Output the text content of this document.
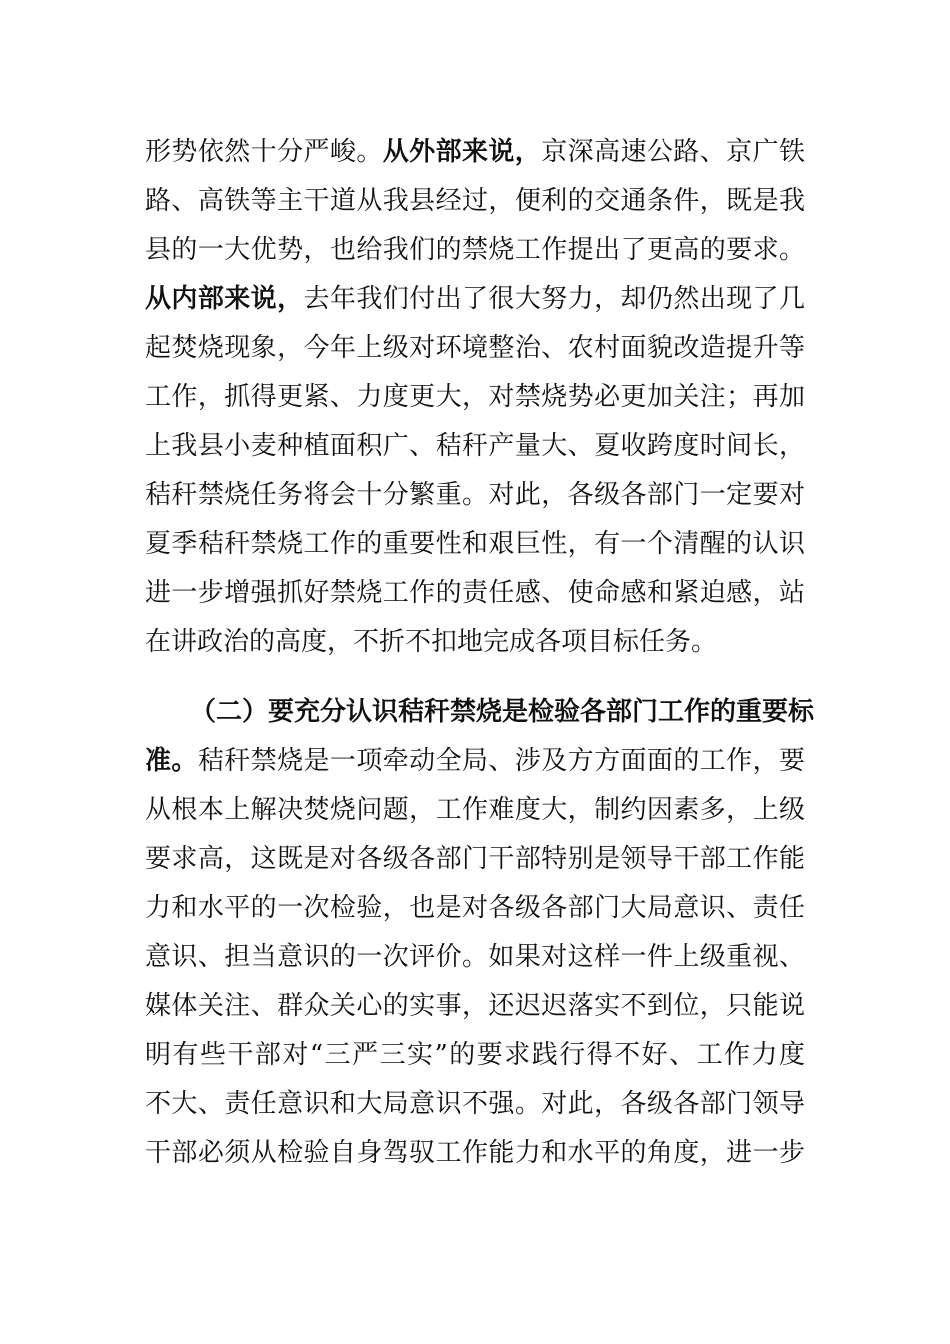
形势依然十分严峻。从外部来说，京深高速公路、京广铁
路、高铁等主干道从我县经过，便利的交通条件，既是我
县的一大优势，也给我们的禁烧工作提出了更高的要求。
从内部来说，去年我们付出了很大努力，却仍然出现了几
起焚烧现象，今年上级对环境整治、农村面貌改造提升等
工作，抓得更紧、力度更大，对禁烧势必更加关注；再加
上我县小麦种植面积广、秸秆产量大、夏收跨度时间长，
秸秆禁烧任务将会十分繁重。对此，各级各部门一定要对
夏季秸秆禁烧工作的重要性和艰巨性，有一个清醒的认识
进一步增强抓好禁烧工作的责任感、使命感和紧迫感，站
在讲政治的高度，不折不扣地完成各项目标任务。
（二）要充分认识秸秆禁烧是检验各部门工作的重要标
准。秸秆禁烧是一项牵动全局、涉及方方面面的工作，要
从根本上解决焚烧问题，工作难度大，制约因素多，上级
要求高，这既是对各级各部门干部特别是领导干部工作能
力和水平的一次检验，也是对各级各部门大局意识、责任
意识、担当意识的一次评价。如果对这样一件上级重视、
媒体关注、群众关心的实事，还迟迟落实不到位，只能说
明有些干部对“三严三实”的要求践行得不好、工作力度
不大、责任意识和大局意识不强。对此，各级各部门领导
干部必须从检验自身驾驭工作能力和水平的角度，进一步
